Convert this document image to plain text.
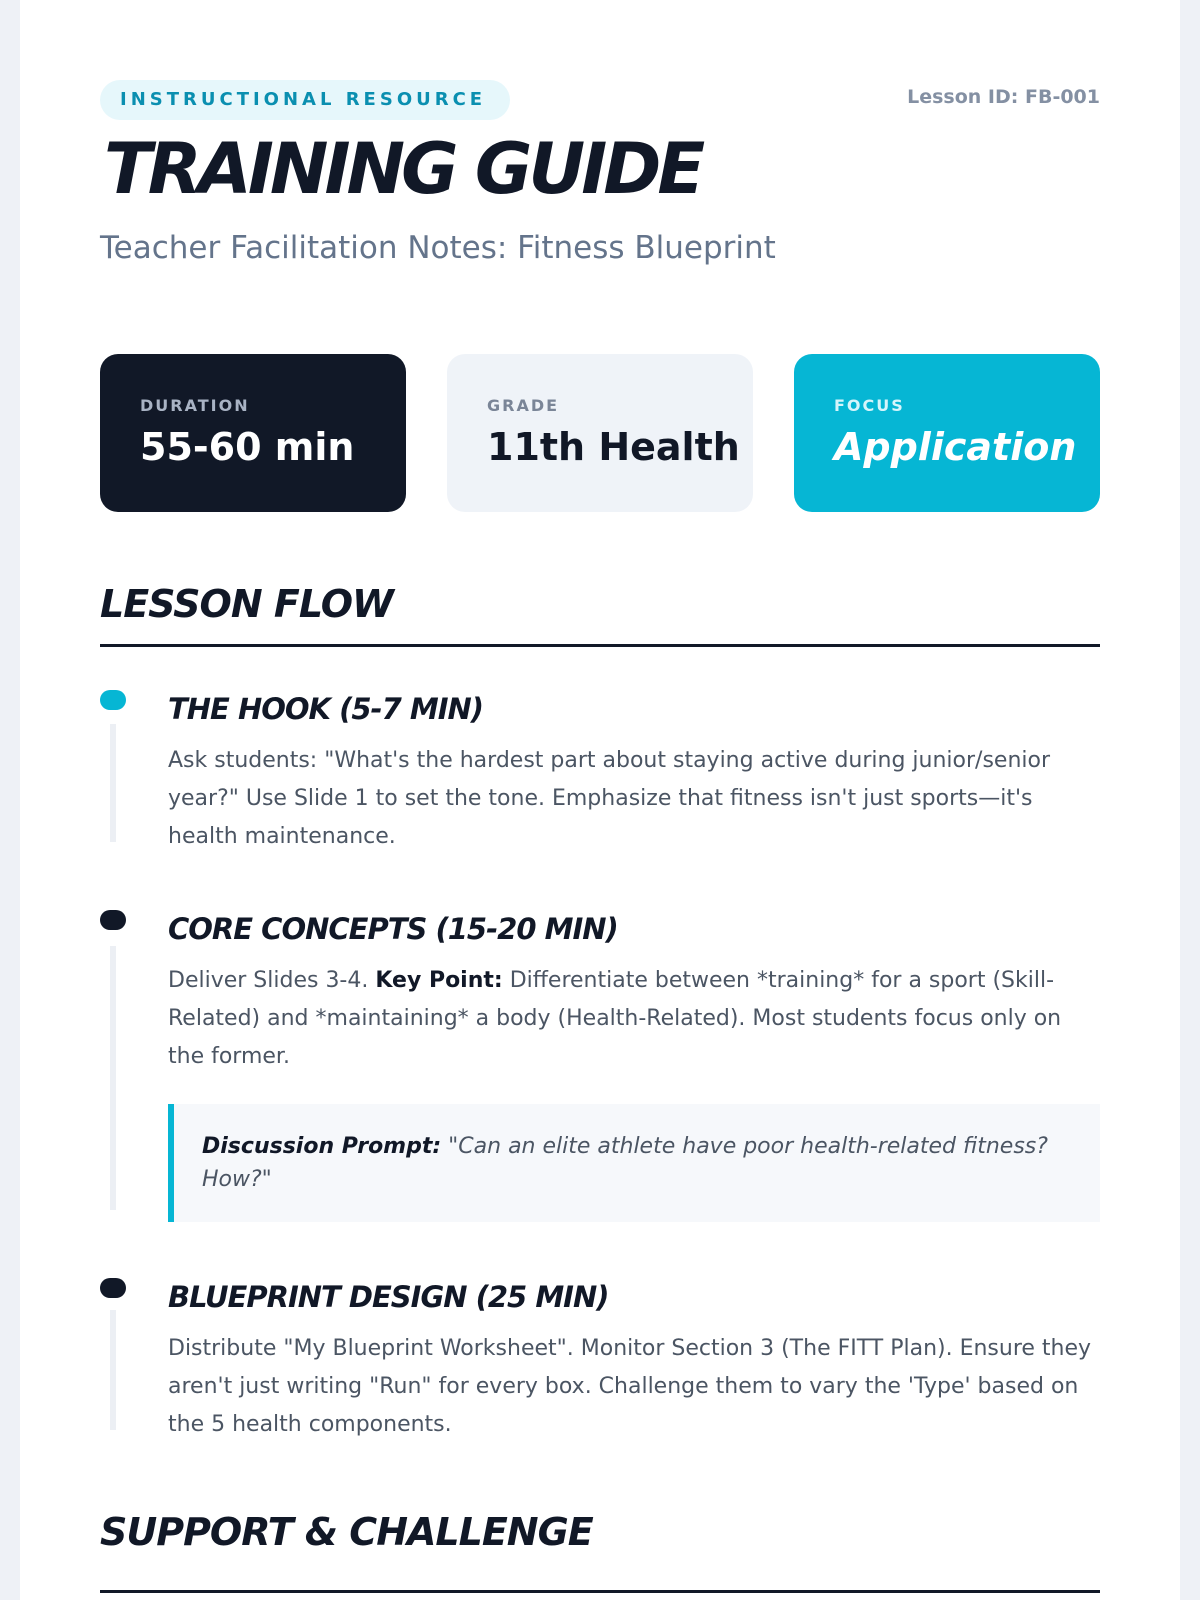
INSTRUCTIONAL RESOURCE	Lesson ID: FB-001
TRAINING GUIDE
Teacher Facilitation Notes: Fitness Blueprint
DURATION
55-60 min
GRADE
11th Health
FOCUS
Application
LESSON FLOW
THE HOOK (5-7 MIN)

Ask students: "What's the hardest part about staying active during junior/senior year?" Use Slide 1 to set the tone. Emphasize that fitness isn't just sports—it's health maintenance.

CORE CONCEPTS (15-20 MIN)

Deliver Slides 3-4. Key Point: Differentiate between *training* for a sport (Skill-Related) and *maintaining* a body (Health-Related). Most students focus only on the former.

Discussion Prompt: "Can an elite athlete have poor health-related fitness? How?"
BLUEPRINT DESIGN (25 MIN)

Distribute "My Blueprint Worksheet". Monitor Section 3 (The FITT Plan). Ensure they aren't just writing "Run" for every box. Challenge them to vary the 'Type' based on the 5 health components.

SUPPORT & CHALLENGE
